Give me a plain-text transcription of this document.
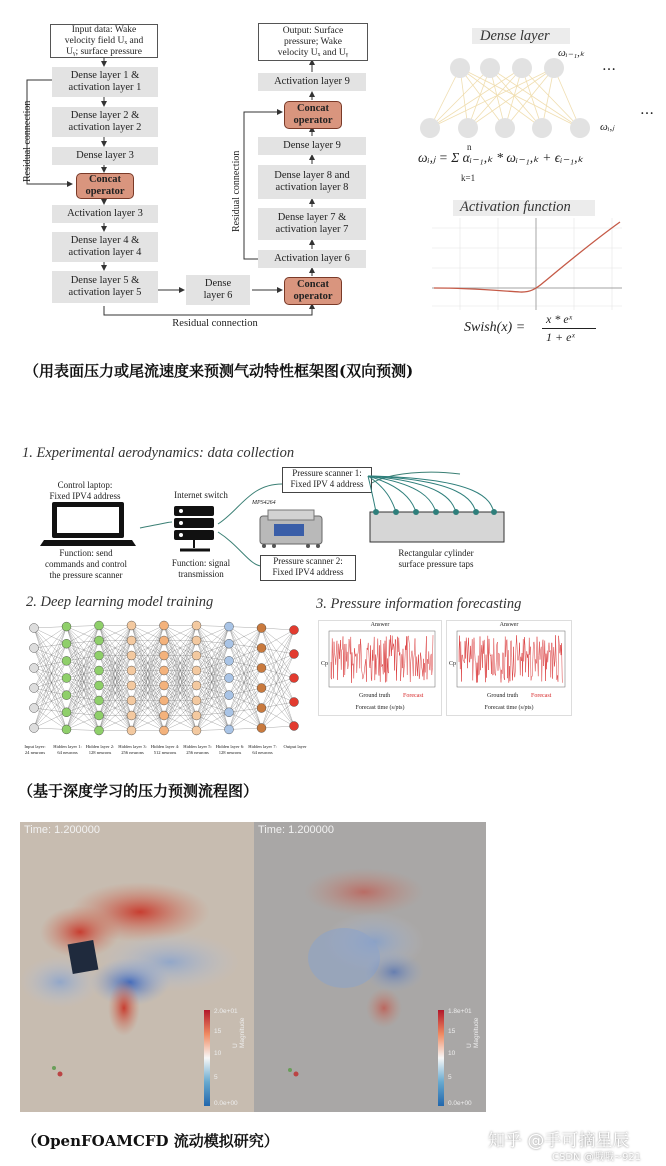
Input data: Wake
velocity field Uₓ and
Uᵧ; surface pressure
Dense layer 1 &
activation layer 1
Dense layer 2 &
activation layer 2
Dense layer 3
Concat
operator
Activation layer 3
Dense layer 4 &
activation layer 4
Dense layer 5 &
activation layer 5
Dense
layer 6
Concat
operator
Activation layer 6
Dense layer 7 &
activation layer 7
Dense layer 8 and
activation layer 8
Dense layer 9
Concat
operator
Activation layer 9
Output: Surface
pressure; Wake
velocity Uₓ and Uᵧ
Residual connection
Residual connection
Residual connection
Dense layer
ωᵢ₋₁,ₖ
ωᵢ,ⱼ
…
…
n
ωᵢ,ⱼ = Σ αᵢ₋₁,ₖ * ωᵢ₋₁,ₖ + ϵᵢ₋₁,ₖ
k=1
Activation function
Swish(x) =
x * eˣ
1 + eˣ
（用表面压力或尾流速度来预测气动特性框架图(双向预测)
1. Experimental aerodynamics: data collection
Control laptop:
Fixed IPV4 address
Function: send
commands and control
the pressure scanner
Internet switch
Function: signal
transmission
Pressure scanner 1:
Fixed IPV 4 address
Pressure scanner 2:
Fixed IPV4 address
MPS4264
Rectangular cylinder
surface pressure taps
2. Deep learning model training	3. Pressure information forecasting
Input layer:
24 neurons
Hidden layer 1:
64 neurons
Hidden layer 2:
128 neurons
Hidden layer 3:
256 neurons
Hidden layer 4:
512 neurons
Hidden layer 5:
256 neurons
Hidden layer 6:
128 neurons
Hidden layer 7:
64 neurons
Output layer
Answer
Cp
Ground truth Forecast
Forecast time (s/pts)
Answer
Cp
Ground truth Forecast
Forecast time (s/pts)
（基于深度学习的压力预测流程图）
Time: 1.200000
2.0e+01
15
10
5
0.0e+00
U Magnitude
Time: 1.200000
1.8e+01
15
10
5
0.0e+00
U Magnitude
（OpenFOAMCFD 流动模拟研究）	知乎 @手可摘星辰
CSDN @哦哦~921
